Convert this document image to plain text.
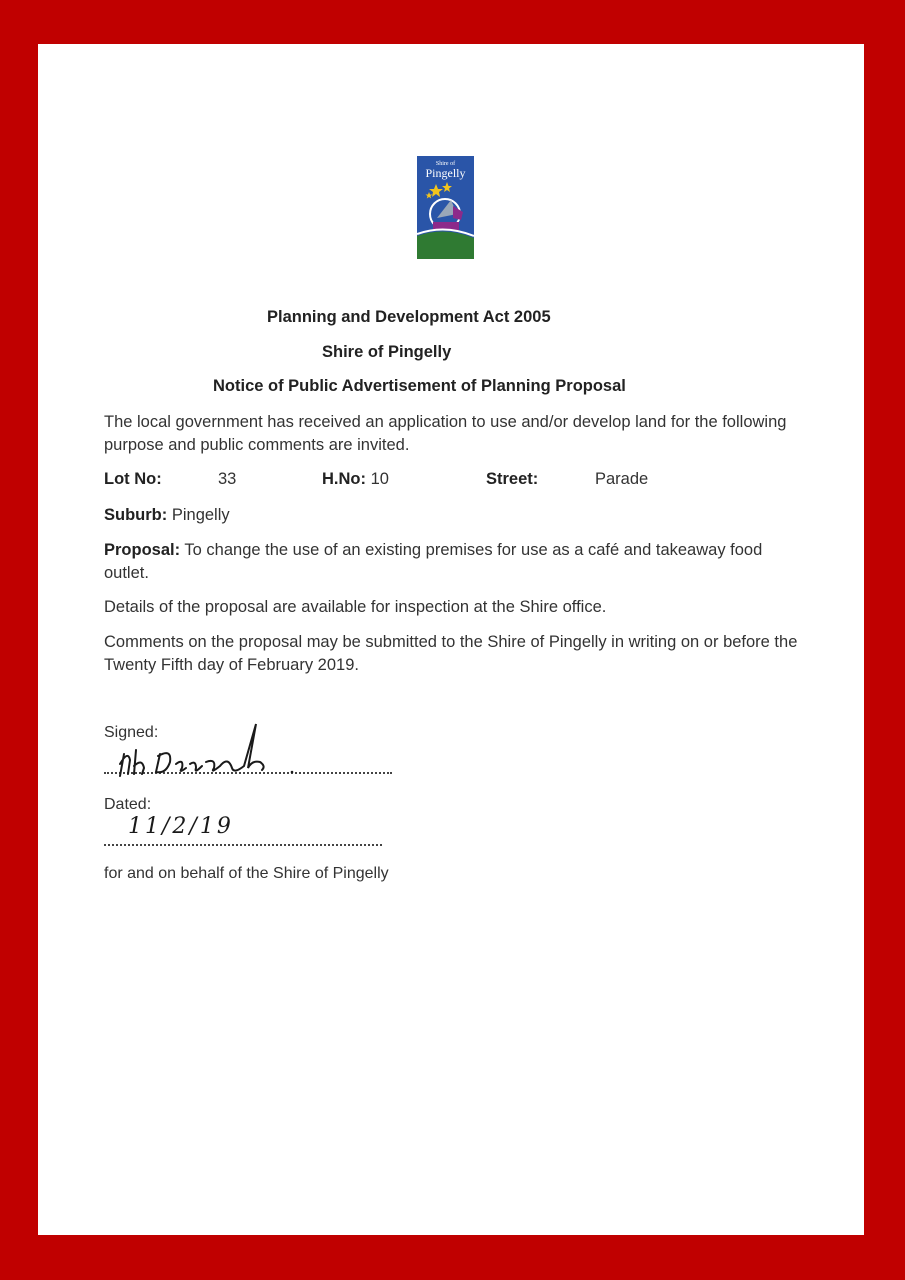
Shire of
Pingelly
Planning and Development Act 2005
Shire of Pingelly
Notice of Public Advertisement of Planning Proposal
The local government has received an application to use and/or develop land for the following purpose and public comments are invited.
Lot No:	33	H.No: 10	Street:	Parade
Suburb: Pingelly
Proposal: To change the use of an existing premises for use as a café and takeaway food outlet.
Details of the proposal are available for inspection at the Shire office.
Comments on the proposal may be submitted to the Shire of Pingelly in writing on or before the Twenty Fifth day of February 2019.
Signed:
Dated:
11/2/19
for and on behalf of the Shire of Pingelly
